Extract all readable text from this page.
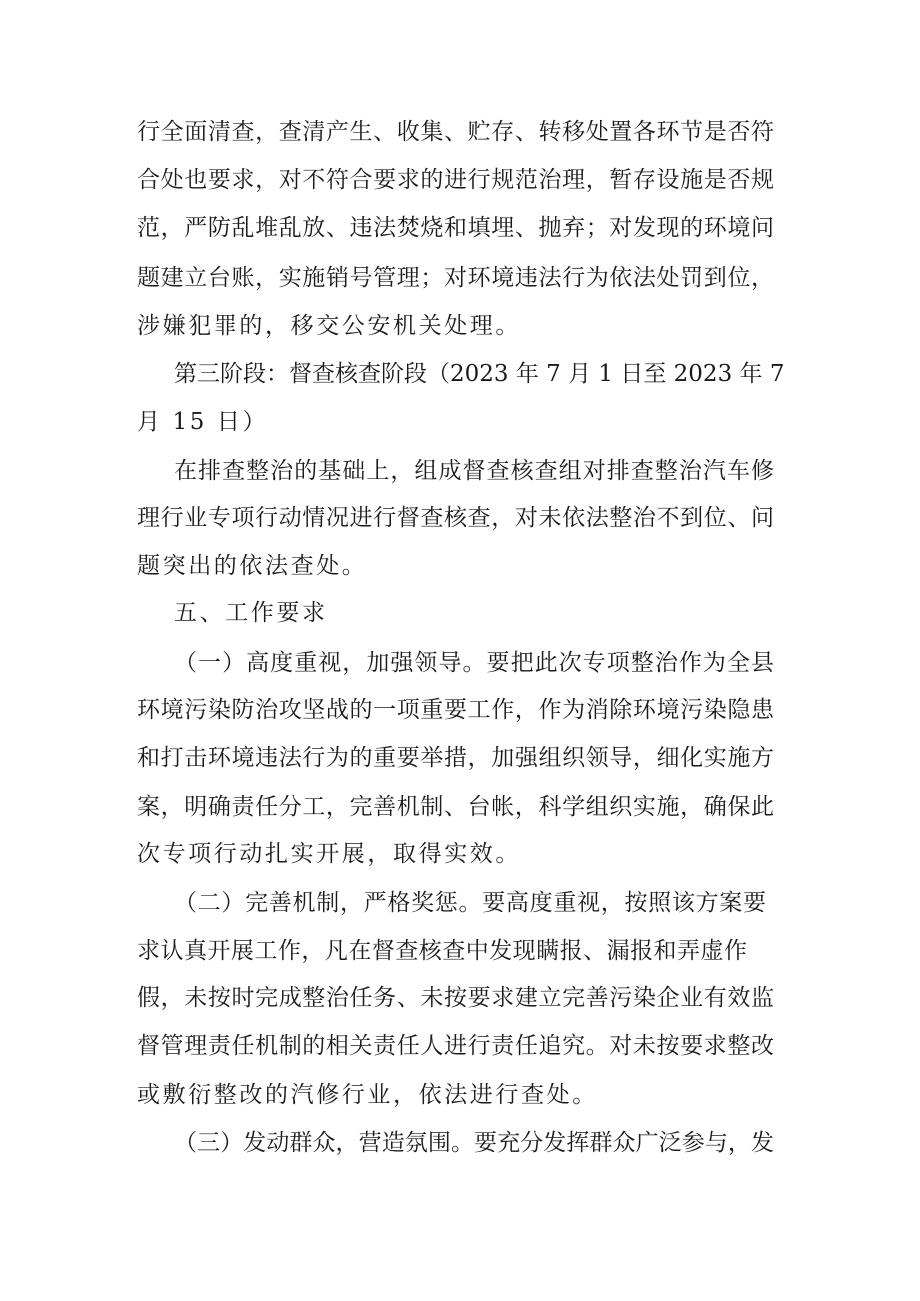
行全面清查，查清产生、收集、贮存、转移处置各环节是否符
合处也要求，对不符合要求的进行规范治理，暂存设施是否规
范，严防乱堆乱放、违法焚烧和填埋、抛弃；对发现的环境问
题建立台账，实施销号管理；对环境违法行为依法处罚到位，
涉嫌犯罪的，移交公安机关处理。
第三阶段：督查核查阶段（2023 年 7 月 1 日至 2023 年 7
月 15 日）
在排查整治的基础上，组成督查核查组对排查整治汽车修
理行业专项行动情况进行督查核查，对未依法整治不到位、问
题突出的依法查处。
五、工作要求
（一）高度重视，加强领导。要把此次专项整治作为全县
环境污染防治攻坚战的一项重要工作，作为消除环境污染隐患
和打击环境违法行为的重要举措，加强组织领导，细化实施方
案，明确责任分工，完善机制、台帐，科学组织实施，确保此
次专项行动扎实开展，取得实效。
（二）完善机制，严格奖惩。要高度重视，按照该方案要
求认真开展工作，凡在督查核查中发现瞒报、漏报和弄虚作
假，未按时完成整治任务、未按要求建立完善污染企业有效监
督管理责任机制的相关责任人进行责任追究。对未按要求整改
或敷衍整改的汽修行业，依法进行查处。
（三）发动群众，营造氛围。要充分发挥群众广泛参与，发
